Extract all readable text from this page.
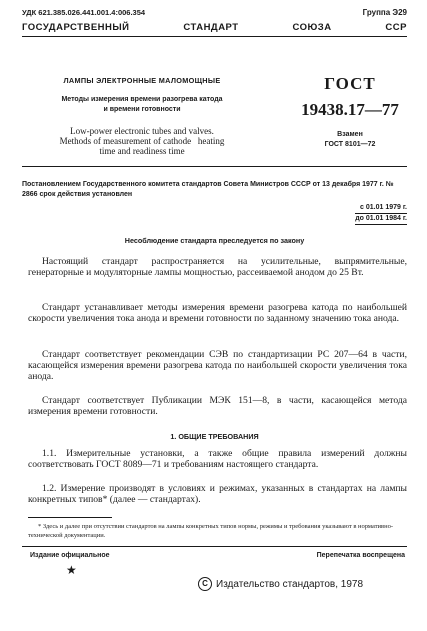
УДК 621.385.026.441.001.4:006.354	Группа Э29
ГОСУДАРСТВЕННЫЙ СТАНДАРТ СОЮЗА ССР
ЛАМПЫ ЭЛЕКТРОННЫЕ МАЛОМОЩНЫЕ
Методы измерения времени разогрева катода
и времени готовности
Low-power electronic tubes and valves.
Methods of measurement of cathode   heating
time and readiness time
ГОСТ
19438.17—77
Взамен
ГОСТ 8101—72
Постановлением Государственного комитета стандартов Совета Министров СССР от 13 декабря 1977 г. № 2866 срок действия установлен
с 01.01 1979 г.
до 01.01 1984 г.
Несоблюдение стандарта преследуется по закону

Настоящий стандарт распространяется на усилительные, выпрямительные, генераторные и модуляторные лампы мощностью, рассеиваемой анодом до 25 Вт.

Стандарт устанавливает методы измерения времени разогрева катода по наибольшей скорости увеличения тока анода и времени готовности по заданному значению тока анода.

Стандарт соответствует рекомендации СЭВ по стандартизации РС 207—64 в части, касающейся измерения времени разогрева катода по наибольшей скорости увеличения тока анода.

Стандарт соответствует Публикации МЭК 151—8, в части, касающейся метода измерения времени готовности.

1. ОБЩИЕ ТРЕБОВАНИЯ

1.1. Измерительные установки, а также общие правила измерений должны соответствовать ГОСТ 8089—71 и требованиям настоящего стандарта.

1.2. Измерение производят в условиях и режимах, указанных в стандартах на лампы конкретных типов* (далее — стандартах).

* Здесь и далее при отсутствии стандартов на лампы конкретных типов нормы, режимы и требования указывают в нормативно-технической документации.
Издание официальное	Перепечатка воспрещена
★
C Издательство стандартов, 1978
